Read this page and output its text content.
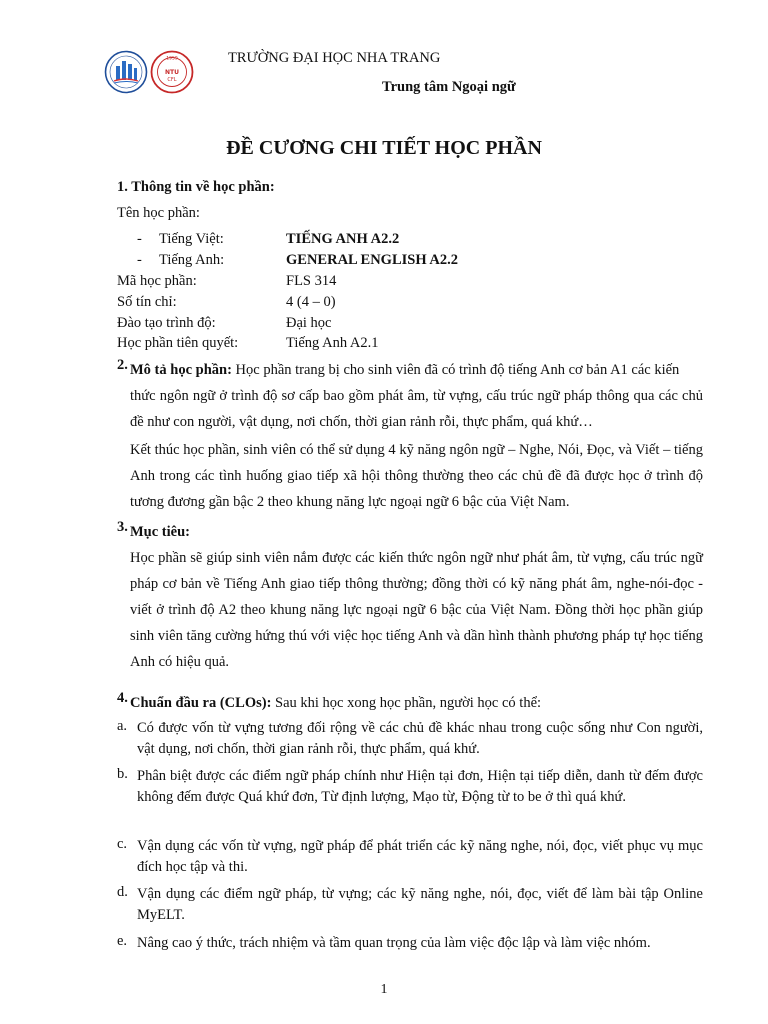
1959
NTU
CFL
TRƯỜNG ĐẠI HỌC NHA TRANG
Trung tâm Ngoại ngữ
ĐỀ CƯƠNG CHI TIẾT HỌC PHẦN
1. Thông tin về học phần:
Tên học phần:
- Tiếng Việt:	TIẾNG ANH A2.2
- Tiếng Anh:	GENERAL ENGLISH A2.2
Mã học phần:	FLS 314
Số tín chỉ:	4 (4 – 0)
Đào tạo trình độ:	Đại học
Học phần tiên quyết:	Tiếng Anh A2.1
2. Mô tả học phần: Học phần trang bị cho sinh viên đã có trình độ tiếng Anh cơ bản A1 các kiến
thức ngôn ngữ ở trình độ sơ cấp bao gồm phát âm, từ vựng, cấu trúc ngữ pháp thông qua các chủ đề như con người, vật dụng, nơi chốn, thời gian rảnh rỗi, thực phẩm, quá khứ…
Kết thúc học phần, sinh viên có thể sử dụng 4 kỹ năng ngôn ngữ – Nghe, Nói, Đọc, và Viết – tiếng Anh trong các tình huống giao tiếp xã hội thông thường theo các chủ đề đã được học ở trình độ tương đương gần bậc 2 theo khung năng lực ngoại ngữ 6 bậc của Việt Nam.
3. Mục tiêu:
Học phần sẽ giúp sinh viên nắm được các kiến thức ngôn ngữ như phát âm, từ vựng, cấu trúc ngữ pháp cơ bản về Tiếng Anh giao tiếp thông thường; đồng thời có kỹ năng phát âm, nghe-nói-đọc -viết ở trình độ A2 theo khung năng lực ngoại ngữ 6 bậc của Việt Nam. Đồng thời học phần giúp sinh viên tăng cường hứng thú với việc học tiếng Anh và dần hình thành phương pháp tự học tiếng Anh có hiệu quả.
4. Chuẩn đầu ra (CLOs): Sau khi học xong học phần, người học có thể:
a. Có được vốn từ vựng tương đối rộng về các chủ đề khác nhau trong cuộc sống như Con người, vật dụng, nơi chốn, thời gian rảnh rỗi, thực phẩm, quá khứ.
b. Phân biệt được các điểm ngữ pháp chính như Hiện tại đơn, Hiện tại tiếp diễn, danh từ đếm được không đếm được Quá khứ đơn, Từ định lượng, Mạo từ, Động từ to be ở thì quá khứ.
c. Vận dụng các vốn từ vựng, ngữ pháp để phát triển các kỹ năng nghe, nói, đọc, viết phục vụ mục đích học tập và thi.
d. Vận dụng các điểm ngữ pháp, từ vựng; các kỹ năng nghe, nói, đọc, viết để làm bài tập Online MyELT.
e. Nâng cao ý thức, trách nhiệm và tầm quan trọng của làm việc độc lập và làm việc nhóm.
1
